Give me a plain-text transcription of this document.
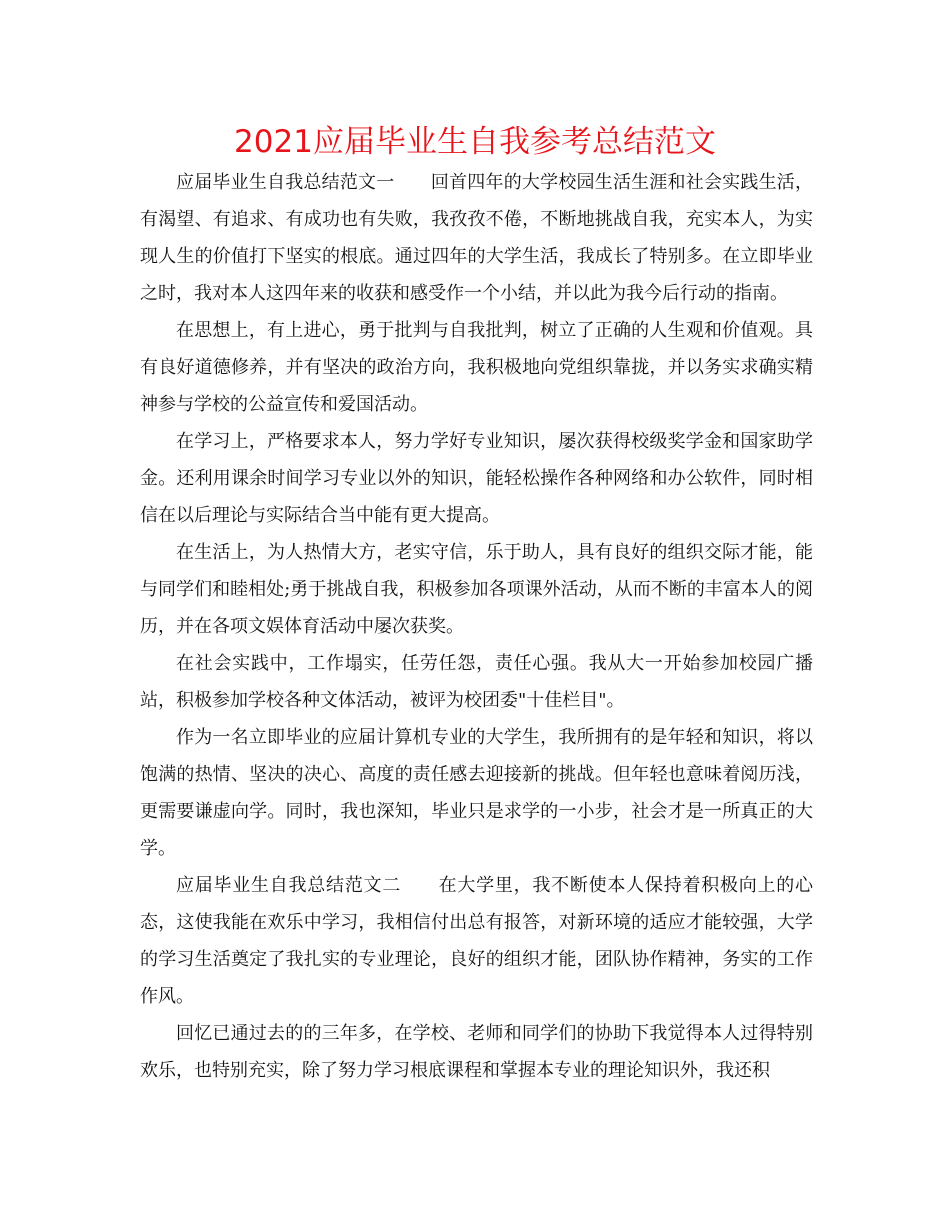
2021应届毕业生自我参考总结范文

应届毕业生自我总结范文一　　回首四年的大学校园生活生涯和社会实践生活，有渴望、有追求、有成功也有失败，我孜孜不倦，不断地挑战自我，充实本人，为实现人生的价值打下坚实的根底。通过四年的大学生活，我成长了特别多。在立即毕业之时，我对本人这四年来的收获和感受作一个小结，并以此为我今后行动的指南。

在思想上，有上进心，勇于批判与自我批判，树立了正确的人生观和价值观。具有良好道德修养，并有坚决的政治方向，我积极地向党组织靠拢，并以务实求确实精神参与学校的公益宣传和爱国活动。

在学习上，严格要求本人，努力学好专业知识，屡次获得校级奖学金和国家助学金。还利用课余时间学习专业以外的知识，能轻松操作各种网络和办公软件，同时相信在以后理论与实际结合当中能有更大提高。

在生活上，为人热情大方，老实守信，乐于助人，具有良好的组织交际才能，能与同学们和睦相处;勇于挑战自我，积极参加各项课外活动，从而不断的丰富本人的阅历，并在各项文娱体育活动中屡次获奖。

在社会实践中，工作塌实，任劳任怨，责任心强。我从大一开始参加校园广播站，积极参加学校各种文体活动，被评为校团委"十佳栏目"。

作为一名立即毕业的应届计算机专业的大学生，我所拥有的是年轻和知识，将以饱满的热情、坚决的决心、高度的责任感去迎接新的挑战。但年轻也意味着阅历浅，更需要谦虚向学。同时，我也深知，毕业只是求学的一小步，社会才是一所真正的大学。

应届毕业生自我总结范文二　　在大学里，我不断使本人保持着积极向上的心态，这使我能在欢乐中学习，我相信付出总有报答，对新环境的适应才能较强，大学的学习生活奠定了我扎实的专业理论，良好的组织才能，团队协作精神，务实的工作作风。

回忆已通过去的的三年多，在学校、老师和同学们的协助下我觉得本人过得特别欢乐，也特别充实，除了努力学习根底课程和掌握本专业的理论知识外，我还积
